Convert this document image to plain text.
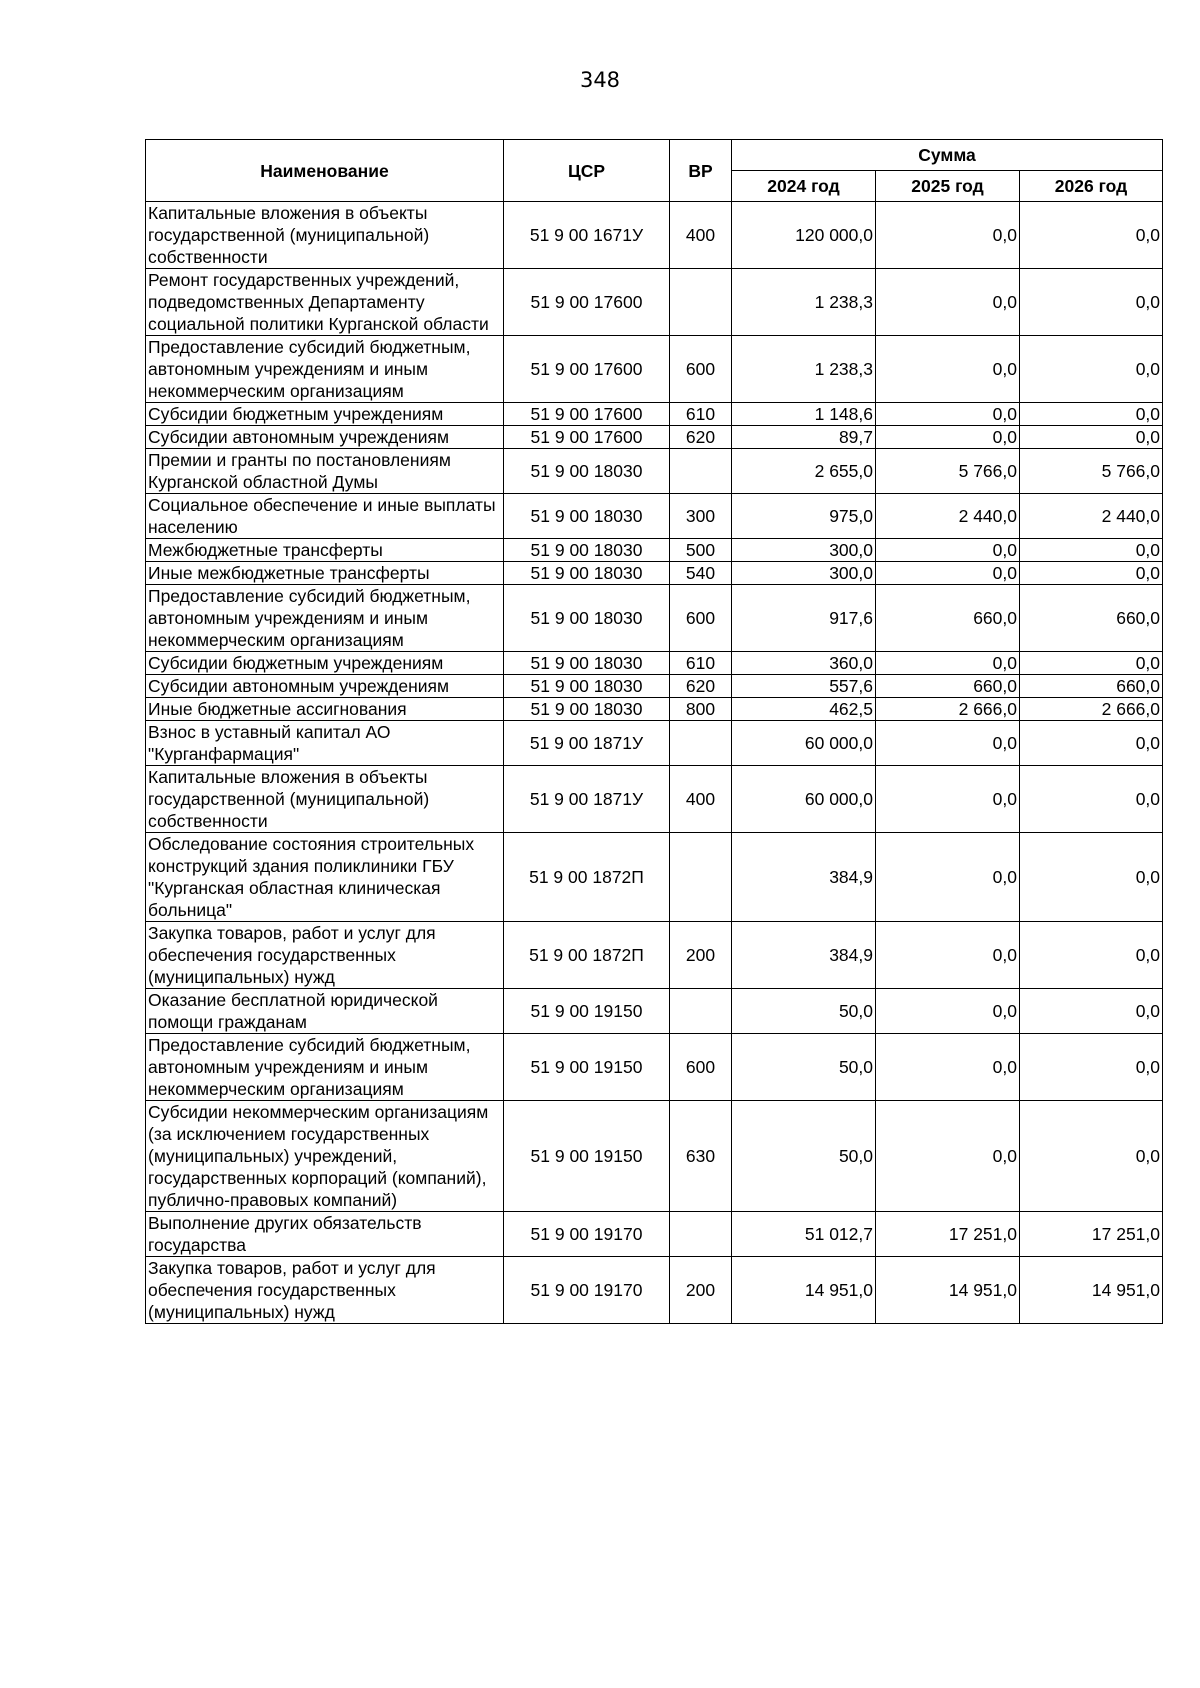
348
Наименование	ЦСР	ВР	Сумма		
			2024 год	2025 год	2026 год
Капитальные вложения в объекты государственной (муниципальной) собственности	51 9 00 1671У	400	120 000,0	0,0	0,0
Ремонт государственных учреждений, подведомственных Департаменту социальной политики Курганской области	51 9 00 17600		1 238,3	0,0	0,0
Предоставление субсидий бюджетным, автономным учреждениям и иным некоммерческим организациям	51 9 00 17600	600	1 238,3	0,0	0,0
Субсидии бюджетным учреждениям	51 9 00 17600	610	1 148,6	0,0	0,0
Субсидии автономным учреждениям	51 9 00 17600	620	89,7	0,0	0,0
Премии и гранты по постановлениям Курганской областной Думы	51 9 00 18030		2 655,0	5 766,0	5 766,0
Социальное обеспечение и иные выплаты населению	51 9 00 18030	300	975,0	2 440,0	2 440,0
Межбюджетные трансферты	51 9 00 18030	500	300,0	0,0	0,0
Иные межбюджетные трансферты	51 9 00 18030	540	300,0	0,0	0,0
Предоставление субсидий бюджетным, автономным учреждениям и иным некоммерческим организациям	51 9 00 18030	600	917,6	660,0	660,0
Субсидии бюджетным учреждениям	51 9 00 18030	610	360,0	0,0	0,0
Субсидии автономным учреждениям	51 9 00 18030	620	557,6	660,0	660,0
Иные бюджетные ассигнования	51 9 00 18030	800	462,5	2 666,0	2 666,0
Взнос в уставный капитал АО "Курганфармация"	51 9 00 1871У		60 000,0	0,0	0,0
Капитальные вложения в объекты государственной (муниципальной) собственности	51 9 00 1871У	400	60 000,0	0,0	0,0
Обследование состояния строительных конструкций здания поликлиники ГБУ "Курганская областная клиническая больница"	51 9 00 1872П		384,9	0,0	0,0
Закупка товаров, работ и услуг для обеспечения государственных (муниципальных) нужд	51 9 00 1872П	200	384,9	0,0	0,0
Оказание бесплатной юридической помощи гражданам	51 9 00 19150		50,0	0,0	0,0
Предоставление субсидий бюджетным, автономным учреждениям и иным некоммерческим организациям	51 9 00 19150	600	50,0	0,0	0,0
Субсидии некоммерческим организациям (за исключением государственных (муниципальных) учреждений, государственных корпораций (компаний), публично-правовых компаний)	51 9 00 19150	630	50,0	0,0	0,0
Выполнение других обязательств государства	51 9 00 19170		51 012,7	17 251,0	17 251,0
Закупка товаров, работ и услуг для обеспечения государственных (муниципальных) нужд	51 9 00 19170	200	14 951,0	14 951,0	14 951,0
